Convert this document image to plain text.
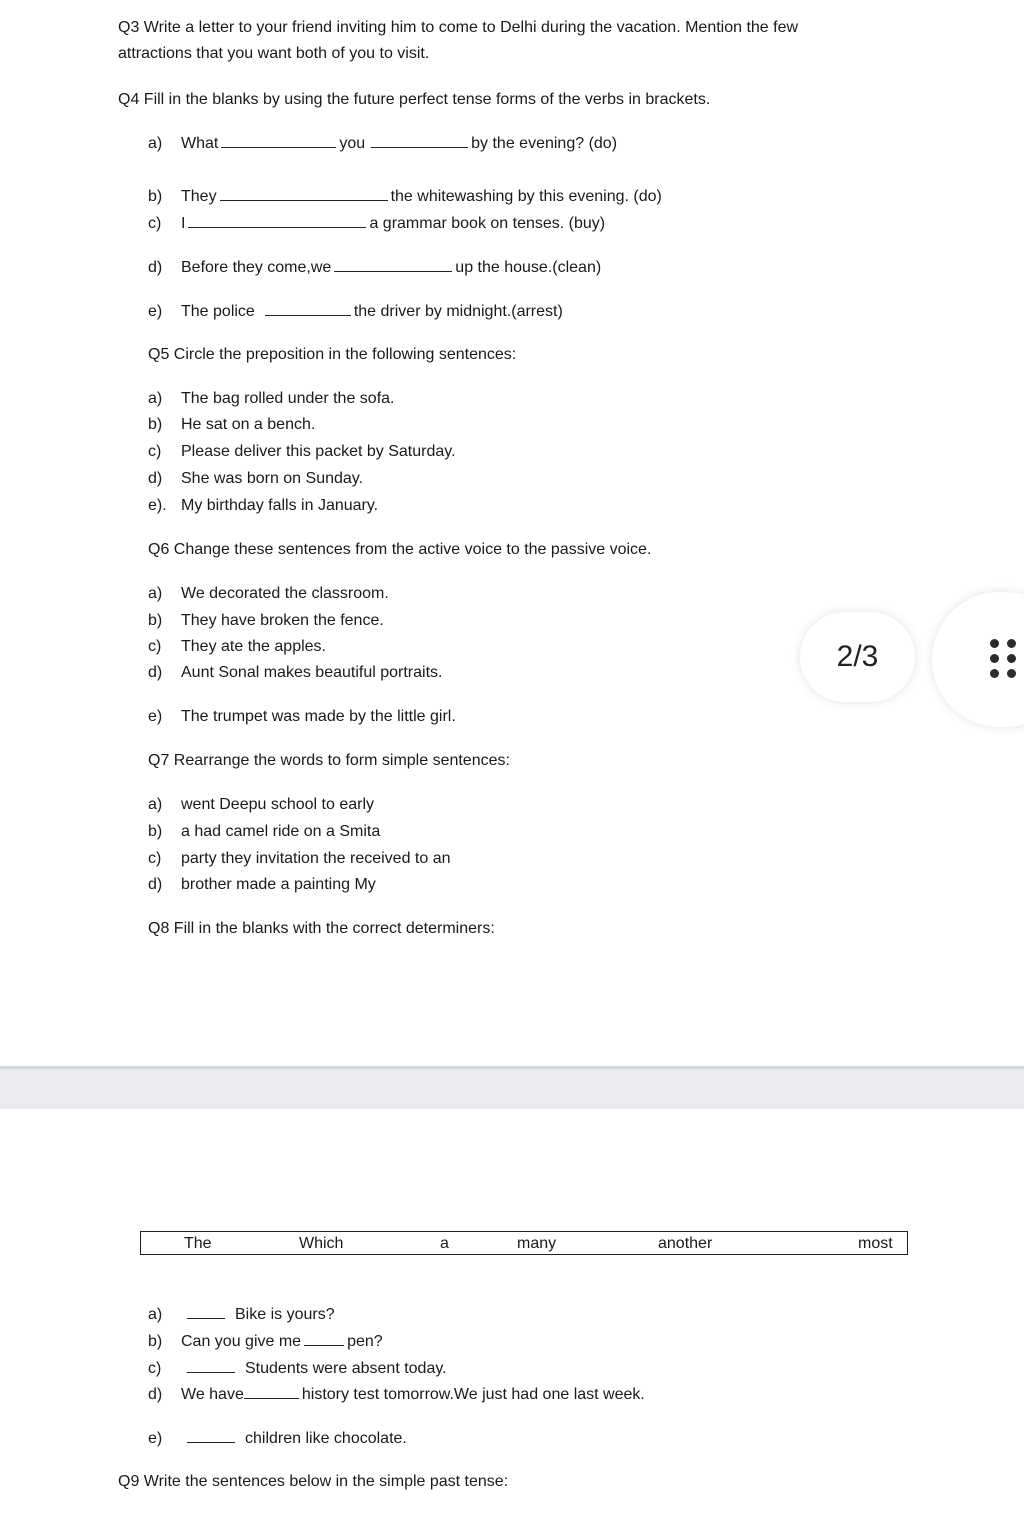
Q3 Write a letter to your friend inviting him to come to Delhi during the vacation. Mention the few
attractions that you want both of you to visit.
Q4 Fill in the blanks by using the future perfect tense forms of the verbs in brackets.
a) What	you	by the evening? (do)
b) They	the whitewashing by this evening. (do)
c) I	a grammar book on tenses. (buy)
d) Before they come,we	up the house.(clean)
e) The police	the driver by midnight.(arrest)
Q5 Circle the preposition in the following sentences:
a) The bag rolled under the sofa.
b) He sat on a bench.
c) Please deliver this packet by Saturday.
d) She was born on Sunday.
e). My birthday falls in January.
Q6 Change these sentences from the active voice to the passive voice.
a) We decorated the classroom.
b) They have broken the fence.
c) They ate the apples.
d) Aunt Sonal makes beautiful portraits.
e) The trumpet was made by the little girl.
Q7 Rearrange the words to form simple sentences:
a) went Deepu school to early
b) a had camel ride on a Smita
c) party they invitation the received to an
d) brother made a painting My
Q8 Fill in the blanks with the correct determiners:
The	Which	a	many	another	most
a)	Bike is yours?
b) Can you give me	pen?
c)	Students were absent today.
d) We have	history test tomorrow.We just had one last week.
e)	children like chocolate.
Q9 Write the sentences below in the simple past tense:
2/3
